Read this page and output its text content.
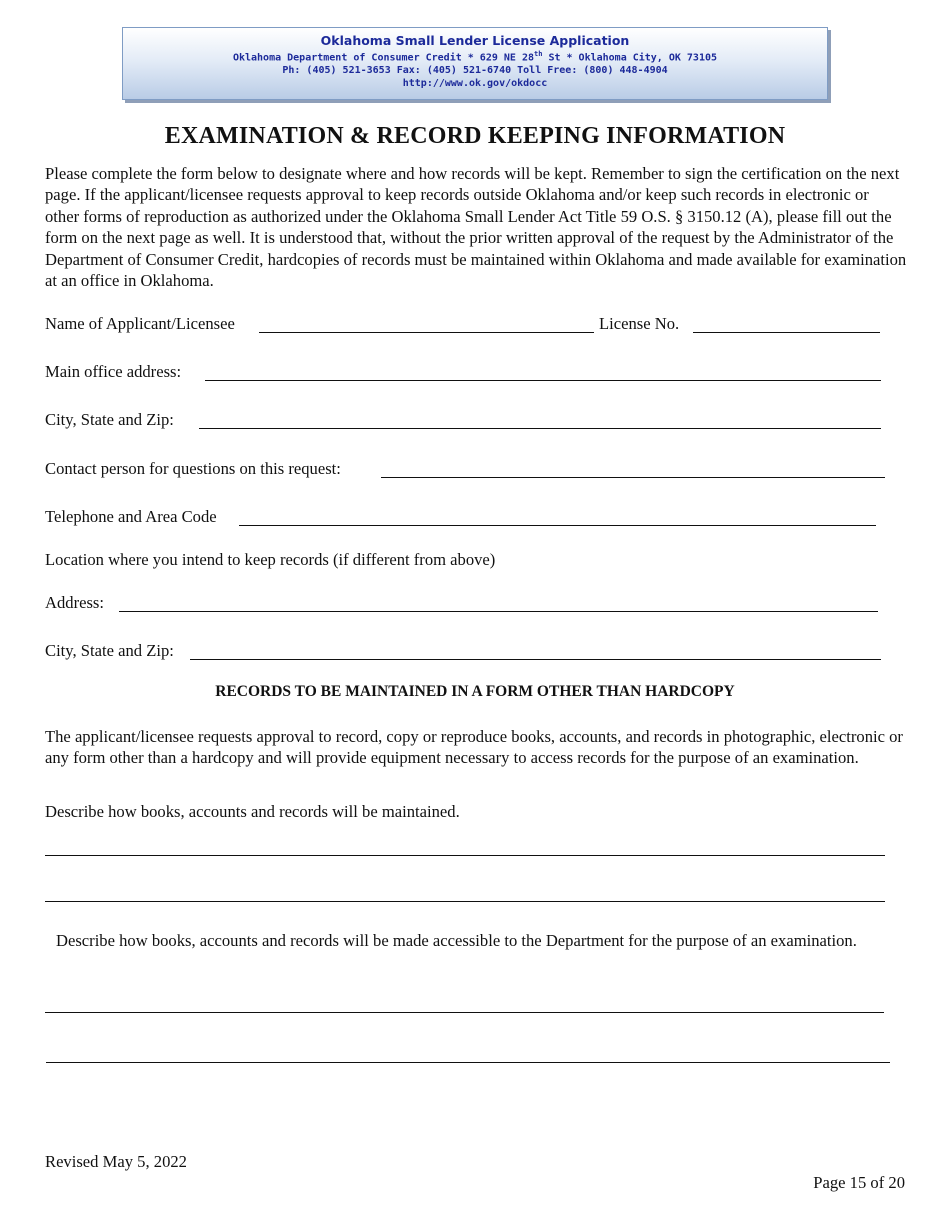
Oklahoma Small Lender License Application
Oklahoma Department of Consumer Credit * 629 NE 28th St * Oklahoma City, OK 73105
Ph: (405) 521-3653 Fax: (405) 521-6740 Toll Free: (800) 448-4904
http://www.ok.gov/okdocc
EXAMINATION & RECORD KEEPING INFORMATION
Please complete the form below to designate where and how records will be kept. Remember to sign the certification on the next page. If the applicant/licensee requests approval to keep records outside Oklahoma and/or keep such records in electronic or other forms of reproduction as authorized under the Oklahoma Small Lender Act Title 59 O.S. § 3150.12 (A), please fill out the form on the next page as well. It is understood that, without the prior written approval of the request by the Administrator of the Department of Consumer Credit, hardcopies of records must be maintained within Oklahoma and made available for examination at an office in Oklahoma.
Name of Applicant/Licensee	License No.
Main office address:
City, State and Zip:
Contact person for questions on this request:
Telephone and Area Code
Location where you intend to keep records (if different from above)
Address:
City, State and Zip:
RECORDS TO BE MAINTAINED IN A FORM OTHER THAN HARDCOPY
The applicant/licensee requests approval to record, copy or reproduce books, accounts, and records in photographic, electronic or any form other than a hardcopy and will provide equipment necessary to access records for the purpose of an examination.
Describe how books, accounts and records will be maintained.
Describe how books, accounts and records will be made accessible to the Department for the purpose of an examination.
Revised May 5, 2022
Page 15 of 20
